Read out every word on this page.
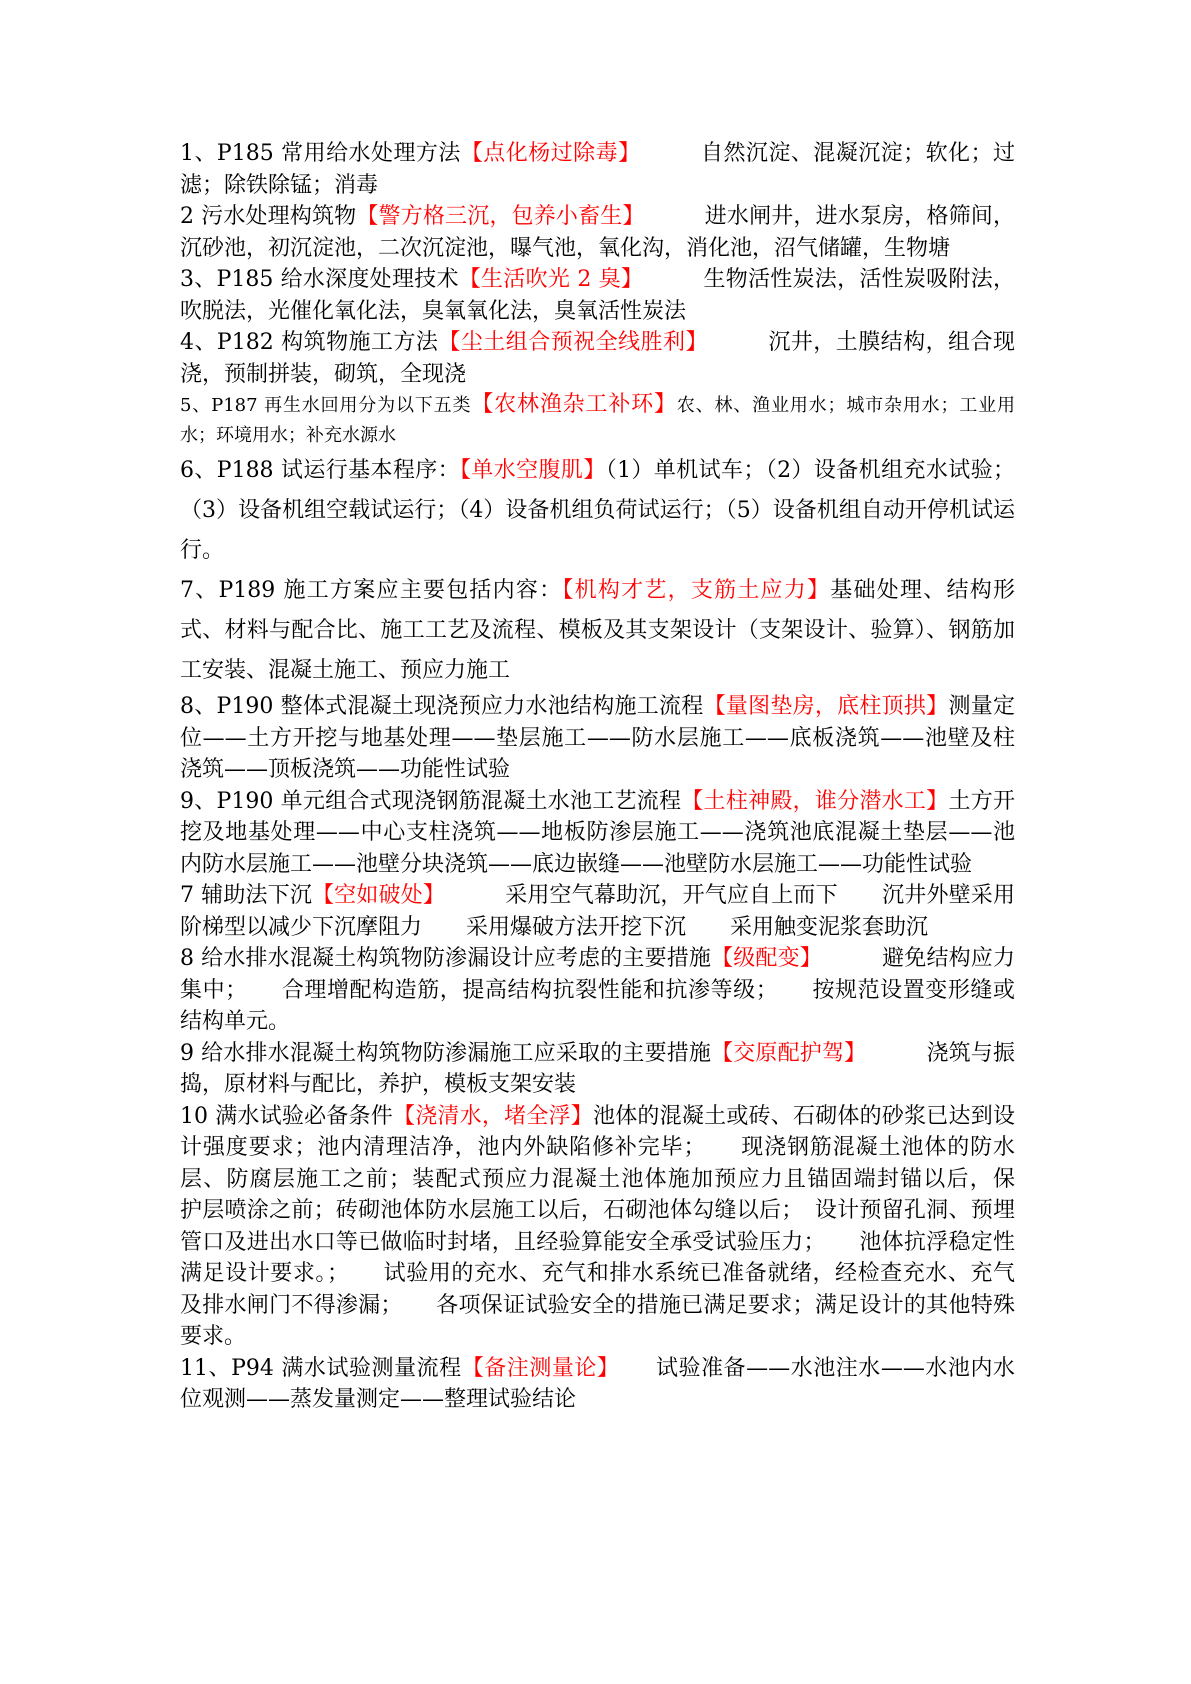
1、P185 常用给水处理方法【点化杨过除毒】	自然沉淀、混凝沉淀；软化；过滤；除铁除锰；消毒

2 污水处理构筑物【警方格三沉，包养小畜生】	进水闸井，进水泵房，格筛间，沉砂池，初沉淀池，二次沉淀池，曝气池，氧化沟，消化池，沼气储罐，生物塘

3、P185 给水深度处理技术【生活吹光 2 臭】	生物活性炭法，活性炭吸附法，吹脱法，光催化氧化法，臭氧氧化法，臭氧活性炭法

4、P182 构筑物施工方法【尘土组合预祝全线胜利】	沉井，土膜结构，组合现浇，预制拼装，砌筑，全现浇

5、P187 再生水回用分为以下五类【农林渔杂工补环】农、林、渔业用水；城市杂用水；工业用水；环境用水；补充水源水

6、P188 试运行基本程序：【单水空腹肌】（1）单机试车；（2）设备机组充水试验；（3）设备机组空载试运行；（4）设备机组负荷试运行；（5）设备机组自动开停机试运行。

7、P189 施工方案应主要包括内容：【机构才艺，支筋土应力】基础处理、结构形式、材料与配合比、施工工艺及流程、模板及其支架设计（支架设计、验算）、钢筋加工安装、混凝土施工、预应力施工

8、P190 整体式混凝土现浇预应力水池结构施工流程【量图垫房，底柱顶拱】测量定位——土方开挖与地基处理——垫层施工——防水层施工——底板浇筑——池壁及柱浇筑——顶板浇筑——功能性试验

9、P190 单元组合式现浇钢筋混凝土水池工艺流程【土柱神殿，谁分潜水工】土方开挖及地基处理——中心支柱浇筑——地板防渗层施工——浇筑池底混凝土垫层——池内防水层施工——池壁分块浇筑——底边嵌缝——池壁防水层施工——功能性试验

7 辅助法下沉【空如破处】	采用空气幕助沉，开气应自上而下　　沉井外壁采用阶梯型以减少下沉摩阻力　　采用爆破方法开挖下沉　　采用触变泥浆套助沉

8 给水排水混凝土构筑物防渗漏设计应考虑的主要措施【级配变】	避免结构应力集中；　　合理增配构造筋，提高结构抗裂性能和抗渗等级；　　按规范设置变形缝或结构单元。

9 给水排水混凝土构筑物防渗漏施工应采取的主要措施【交原配护驾】	浇筑与振捣，原材料与配比，养护，模板支架安装

10 满水试验必备条件【浇清水，堵全浮】池体的混凝土或砖、石砌体的砂浆已达到设计强度要求；池内清理洁净，池内外缺陷修补完毕；　　现浇钢筋混凝土池体的防水层、防腐层施工之前；装配式预应力混凝土池体施加预应力且锚固端封锚以后，保　护层喷涂之前；砖砌池体防水层施工以后，石砌池体勾缝以后；　设计预留孔洞、预埋管口及进出水口等已做临时封堵，且经验算能安全承受试验压力；　　池体抗浮稳定性满足设计要求。；　　试验用的充水、充气和排水系统已准备就绪，经检查充水、充气及排水闸门不得渗漏；　　各项保证试验安全的措施已满足要求；满足设计的其他特殊要求。

11、P94 满水试验测量流程【备注测量论】 试验准备——水池注水——水池内水位观测——蒸发量测定——整理试验结论
